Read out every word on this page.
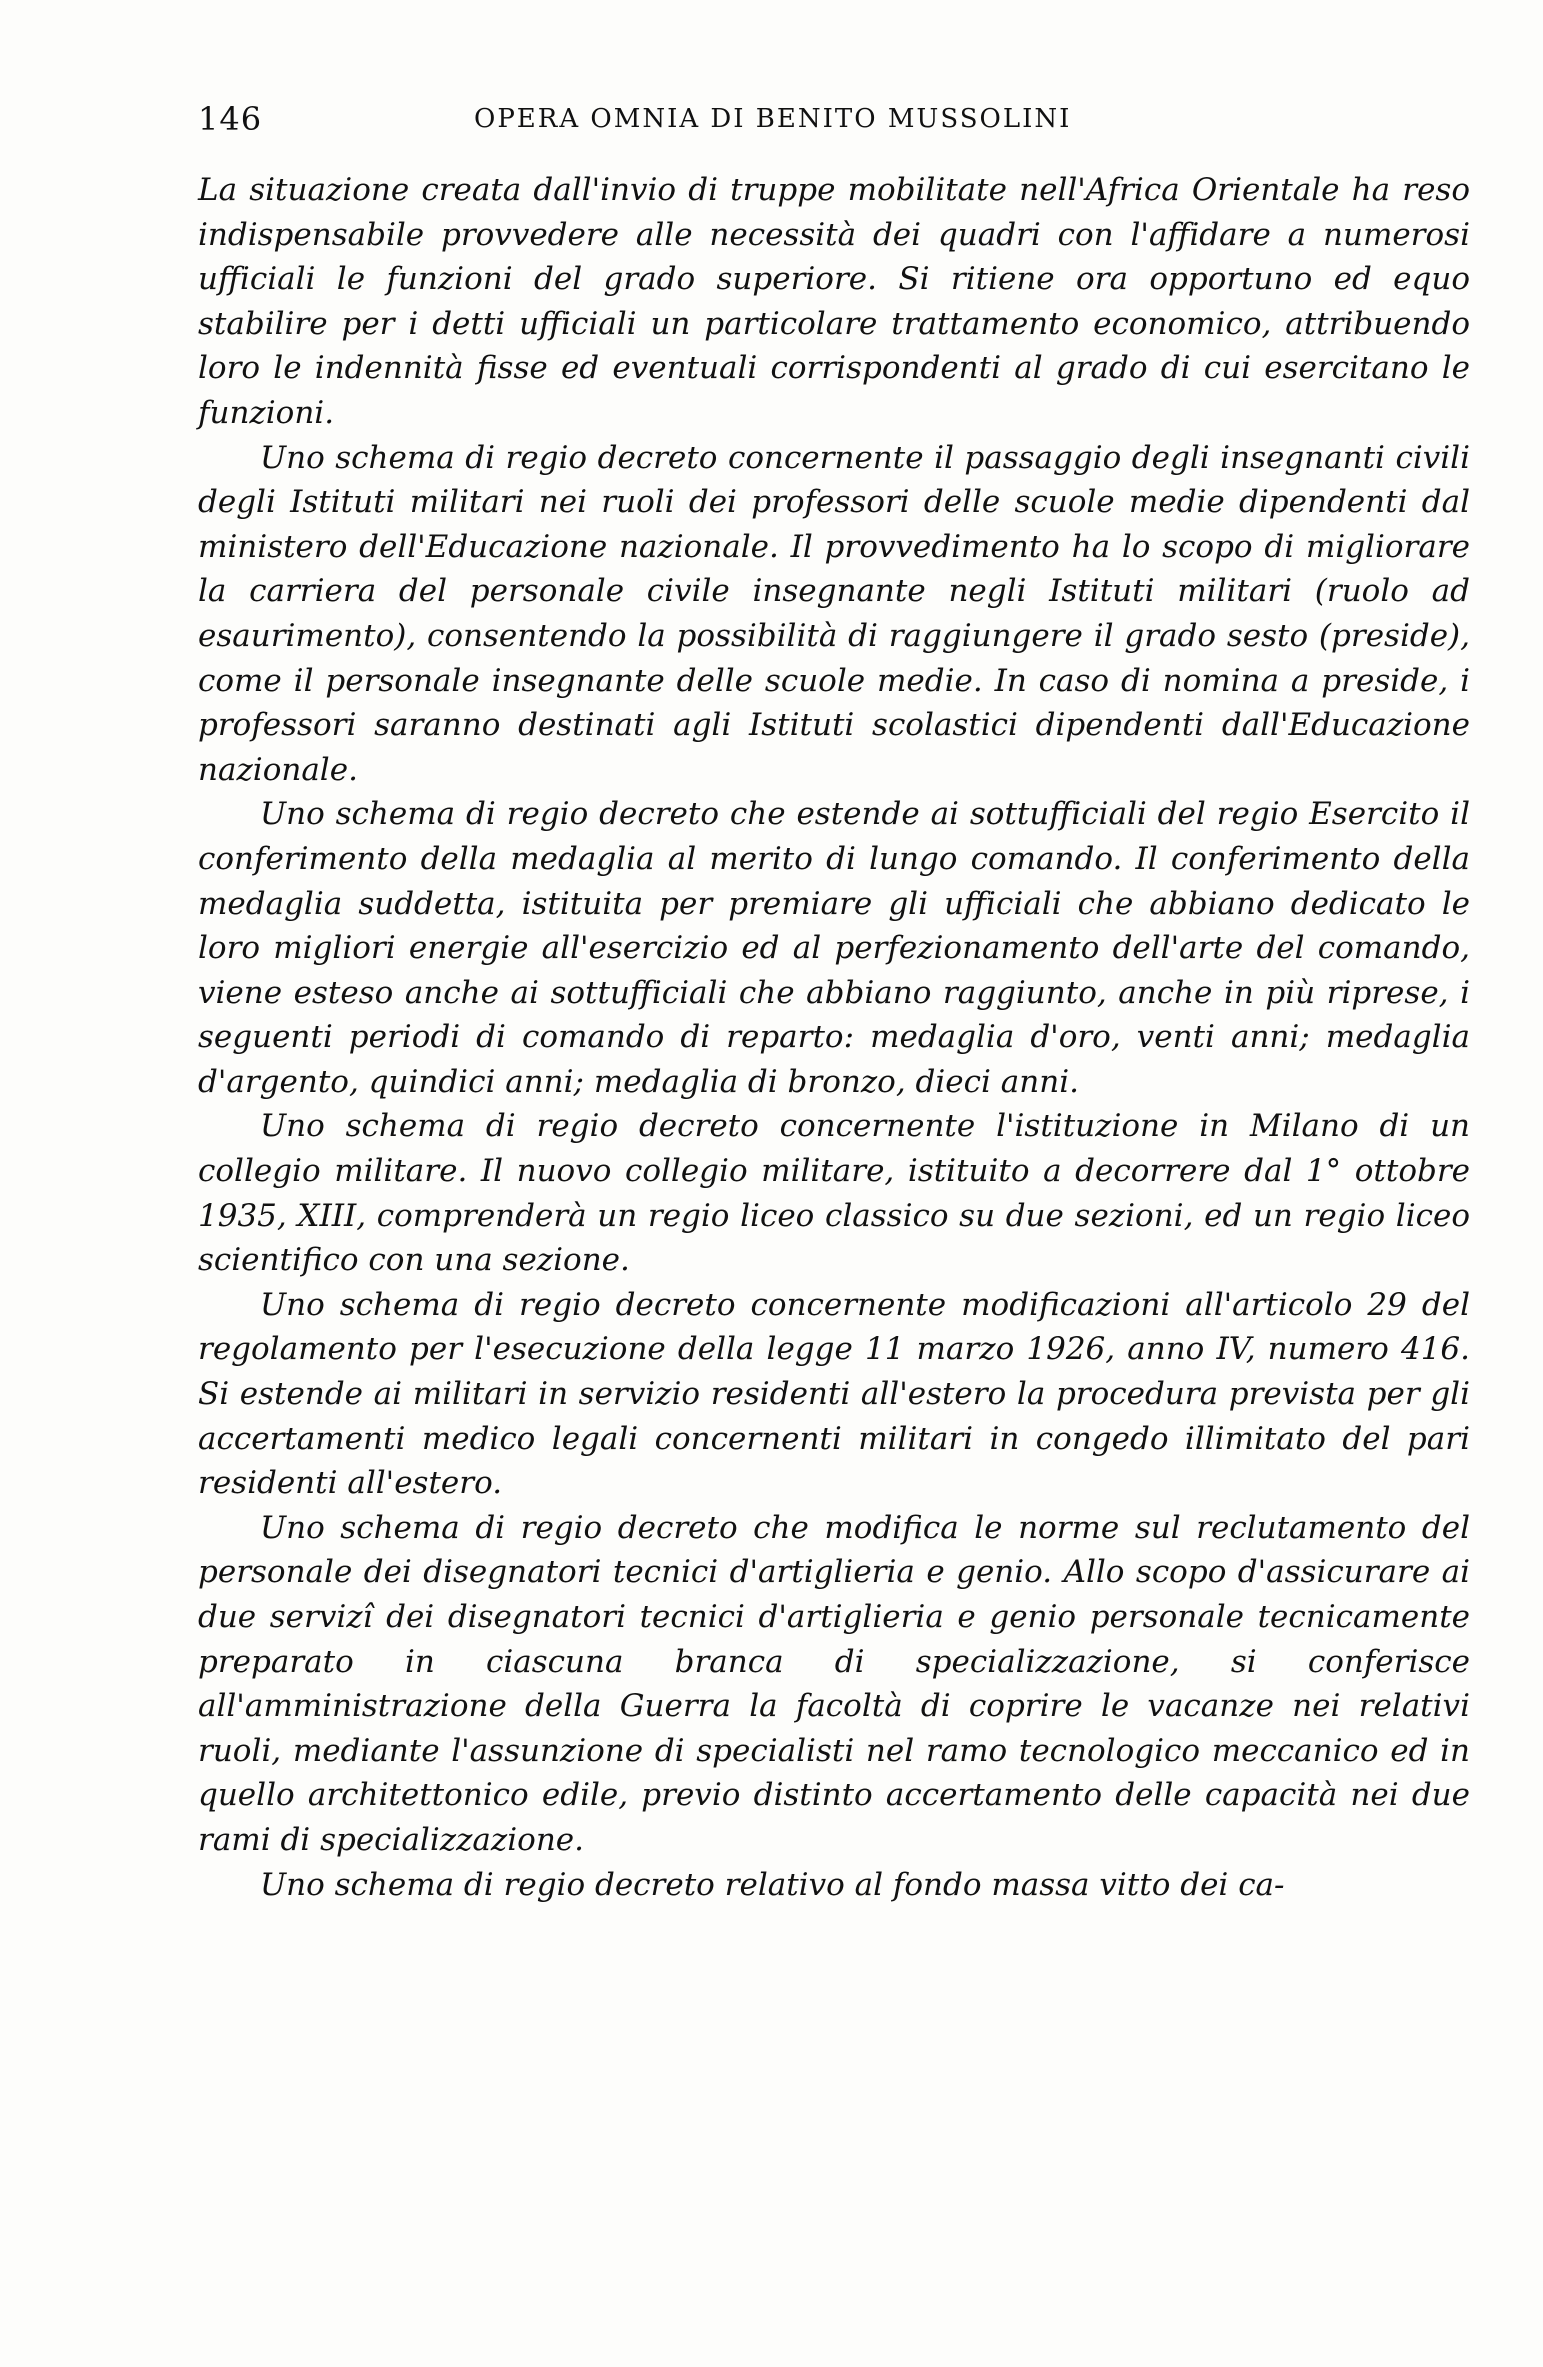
146	OPERA OMNIA DI BENITO MUSSOLINI

La situazione creata dall'invio di truppe mobilitate nell'Africa Orientale ha reso indispensabile provvedere alle necessità dei quadri con l'affidare a numerosi ufficiali le funzioni del grado superiore. Si ritiene ora opportuno ed equo stabilire per i detti ufficiali un particolare trattamento economico, attribuendo loro le indennità fisse ed eventuali corrispondenti al grado di cui esercitano le funzioni.

Uno schema di regio decreto concernente il passaggio degli insegnanti civili degli Istituti militari nei ruoli dei professori delle scuole medie dipendenti dal ministero dell'Educazione nazionale. Il provvedimento ha lo scopo di migliorare la carriera del personale civile insegnante negli Istituti militari (ruolo ad esaurimento), consentendo la possibilità di raggiungere il grado sesto (preside), come il personale insegnante delle scuole medie. In caso di nomina a preside, i professori saranno destinati agli Istituti scolastici dipendenti dall'Educazione nazionale.

Uno schema di regio decreto che estende ai sottufficiali del regio Esercito il conferimento della medaglia al merito di lungo comando. Il conferimento della medaglia suddetta, istituita per premiare gli ufficiali che abbiano dedicato le loro migliori energie all'esercizio ed al perfezionamento dell'arte del comando, viene esteso anche ai sottufficiali che abbiano raggiunto, anche in più riprese, i seguenti periodi di comando di reparto: medaglia d'oro, venti anni; medaglia d'argento, quindici anni; medaglia di bronzo, dieci anni.

Uno schema di regio decreto concernente l'istituzione in Milano di un collegio militare. Il nuovo collegio militare, istituito a decorrere dal 1° ottobre 1935, XIII, comprenderà un regio liceo classico su due sezioni, ed un regio liceo scientifico con una sezione.

Uno schema di regio decreto concernente modificazioni all'articolo 29 del regolamento per l'esecuzione della legge 11 marzo 1926, anno IV, numero 416. Si estende ai militari in servizio residenti all'estero la procedura prevista per gli accertamenti medico legali concernenti militari in congedo illimitato del pari residenti all'estero.

Uno schema di regio decreto che modifica le norme sul reclutamento del personale dei disegnatori tecnici d'artiglieria e genio. Allo scopo d'assicurare ai due servizî dei disegnatori tecnici d'artiglieria e genio personale tecnicamente preparato in ciascuna branca di specializzazione, si conferisce all'amministrazione della Guerra la facoltà di coprire le vacanze nei relativi ruoli, mediante l'assunzione di specialisti nel ramo tecnologico meccanico ed in quello architettonico edile, previo distinto accertamento delle capacità nei due rami di specializzazione.

Uno schema di regio decreto relativo al fondo massa vitto dei ca-
